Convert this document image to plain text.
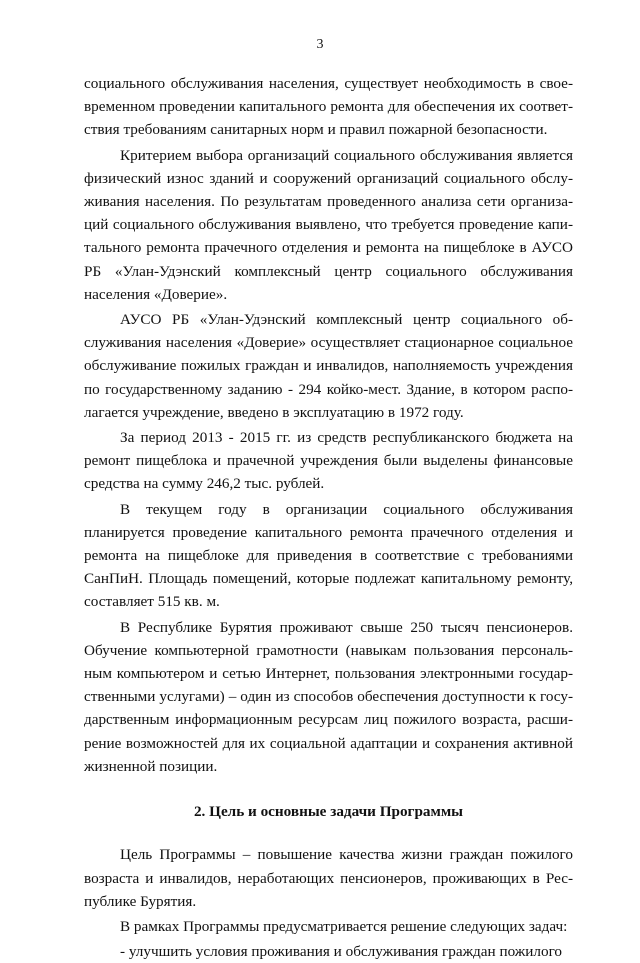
3

социального обслуживания населения, существует необходимость в своевременном проведении капитального ремонта для обеспечения их соответствия требованиям санитарных норм и правил пожарной безопасности.

Критерием выбора организаций социального обслуживания является физический износ зданий и сооружений организаций социального обслуживания населения. По результатам проведенного анализа сети организаций социального обслуживания выявлено, что требуется проведение капитального ремонта прачечного отделения и ремонта на пищеблоке в АУСО РБ «Улан-Удэнский комплексный центр социального обслуживания населения «Доверие».

АУСО РБ «Улан-Удэнский комплексный центр социального обслуживания населения «Доверие» осуществляет стационарное социальное обслуживание пожилых граждан и инвалидов, наполняемость учреждения по государственному заданию - 294 койко-мест. Здание, в котором располагается учреждение, введено в эксплуатацию в 1972 году.

За период 2013 - 2015 гг. из средств республиканского бюджета на ремонт пищеблока и прачечной учреждения были выделены финансовые средства на сумму 246,2 тыс. рублей.

В текущем году в организации социального обслуживания планируется проведение капитального ремонта прачечного отделения и ремонта на пищеблоке для приведения в соответствие с требованиями СанПиН. Площадь помещений, которые подлежат капитальному ремонту, составляет 515 кв. м.

В Республике Бурятия проживают свыше 250 тысяч пенсионеров. Обучение компьютерной грамотности (навыкам пользования персональным компьютером и сетью Интернет, пользования электронными государственными услугами) – один из способов обеспечения доступности к государственным информационным ресурсам лиц пожилого возраста, расширение возможностей для их социальной адаптации и сохранения активной жизненной позиции.

2. Цель и основные задачи Программы

Цель Программы – повышение качества жизни граждан пожилого возраста и инвалидов, неработающих пенсионеров, проживающих в Республике Бурятия.

В рамках Программы предусматривается решение следующих задач:

- улучшить условия проживания и обслуживания граждан пожилого
